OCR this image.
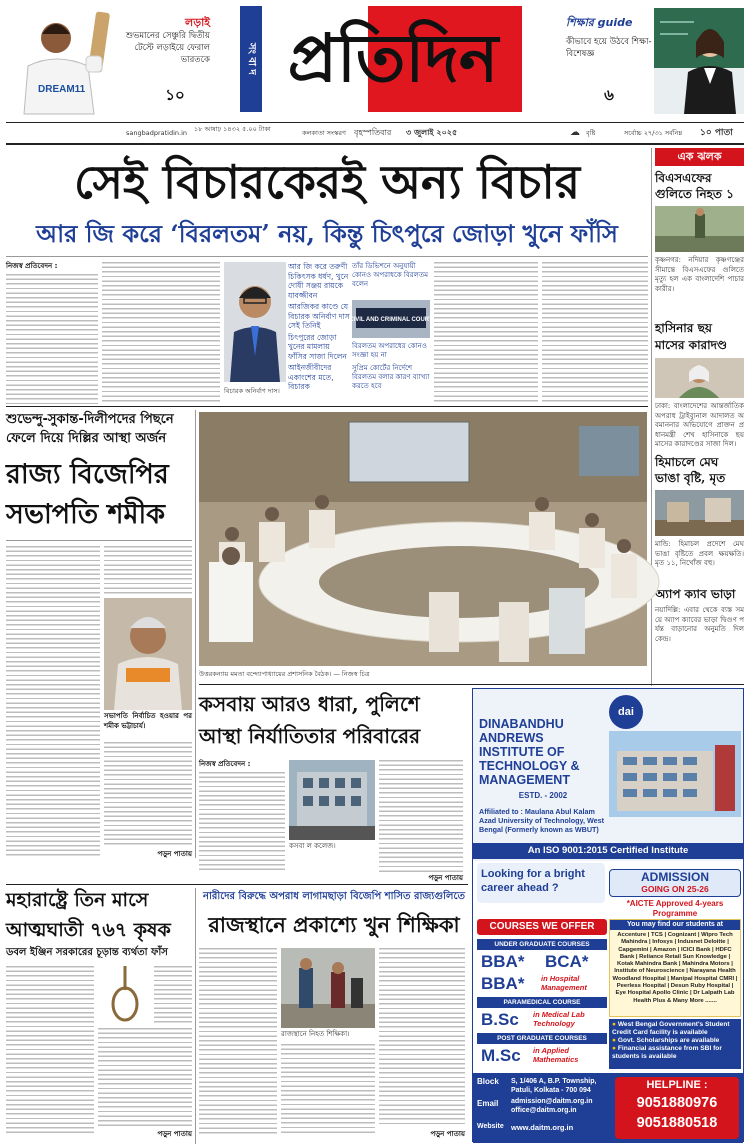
DREAM11
লড়াই
শুভমানের সেঞ্চুরি দ্বিতীয় টেস্টে লড়াইয়ে ফেরাল ভারতকে
১০
সং বা দ প্রতিদিন	শিক্ষার guide
কীভাবে হয়ে উঠবে শিক্ষা-বিশেষজ্ঞ
৬
sangbadpratidin.in ১৮ আষাঢ় ১৪৩২ ৫.০০ টাকা	কলকাতা সংস্করণ	বৃহস্পতিবার	৩ জুলাই ২০২৫	☁ বৃষ্টি	সর্বোচ্চ ২৭/৩১ সর্বনিম্ন	১০ পাতা
সেই বিচারকেরই অন্য বিচার
আর জি করে ‘বিরলতম’ নয়, কিন্তু চিৎপুরে জোড়া খুনে ফাঁসি
নিজস্ব প্রতিবেদন :	আর জি করে তরুণী চিকিৎসক ধর্ষণ, খুনে দোষী সঞ্জয় রায়কে যাবজ্জীবন
আরজিকর কাণ্ডে যে বিচারক অনির্বাণ দাস সেই তিনিই
চিৎপুরের জোড়া খুনের মামলায় ফাঁসির সাজা দিলেন
আইনজীবীদের একাংশের মতে, বিচারক
বিচারক অনির্বাণ দাস।
তাঁর ডিভিশনে অনুযায়ী কোনও অপরাধকে বিরলতম বলেন
CIVIL AND CRIMINAL COURT
বিরলতম অপরাধের কোনও সংজ্ঞা হয় না
সুপ্রিম কোর্টের নির্দেশে বিরলতম বলার কারণ ব্যাখ্যা করতে হবে
এক ঝলক
বিএসএফের গুলিতে নিহত ১
কৃষ্ণনগর: নদিয়ার কৃষ্ণগঞ্জের সীমান্তে বিএসএফের গুলিতে মৃত্যু হল এক বাংলাদেশি পাচারকারীর।
হাসিনার ছয় মাসের কারাদণ্ড
ঢাকা: বাংলাদেশের আন্তর্জাতিক অপরাধ ট্রাইব্যুনাল আদালত অবমাননার অভিযোগে প্রাক্তন প্রধানমন্ত্রী শেখ হাসিনাকে ছয় মাসের কারাদণ্ডের সাজা দিল।
হিমাচলে মেঘ ভাঙা বৃষ্টি, মৃত
মান্ডি: হিমাচল প্রদেশে মেঘ ভাঙা বৃষ্টিতে প্রবল ক্ষয়ক্ষতি। মৃত ১১, নিখোঁজ বহু।
অ্যাপ ক্যাব ভাড়া
নয়াদিল্লি: এবার থেকে ব্যস্ত সময়ে অ্যাপ ক্যাবের ভাড়া দ্বিগুণ পর্যন্ত বাড়ানোর অনুমতি দিল কেন্দ্র।
শুভেন্দু-সুকান্ত-দিলীপদের পিছনে ফেলে দিয়ে দিল্লির আস্থা অর্জন
রাজ্য বিজেপির
সভাপতি শমীক
সভাপতি নির্বাচিত হওয়ার পর শমীক ভট্টাচার্য।
পড়ুন পাতায়
উত্তরকন্যায় মমতা বন্দ্যোপাধ্যায়ের প্রশাসনিক বৈঠক। — নিজস্ব চিত্র
কসবায় আরও ধারা, পুলিশে
আস্থা নির্যাতিতার পরিবারের
নিজস্ব প্রতিবেদন :
কসবা ল কলেজ।
পড়ুন পাতায়
মহারাষ্ট্রে তিন মাসে
আত্মঘাতী ৭৬৭ কৃষক
ডবল ইঞ্জিন সরকারের চূড়ান্ত ব্যর্থতা ফাঁস
পড়ুন পাতায়
নারীদের বিরুদ্ধে অপরাধ লাগামছাড়া বিজেপি শাসিত রাজ্যগুলিতে
রাজস্থানে প্রকাশ্যে খুন শিক্ষিকা
রাজস্থানে নিহত শিক্ষিকা।
পড়ুন পাতায়
DINABANDHU
ANDREWS
INSTITUTE OF
TECHNOLOGY &
MANAGEMENT
ESTD. - 2002
dai
Affiliated to : Maulana Abul Kalam Azad University of Technology, West Bengal (Formerly known as WBUT)
An ISO 9001:2015 Certified Institute
Looking for a bright career ahead ?
ADMISSION
GOING ON 25-26
*AICTE Approved 4-years Programme
COURSES WE OFFER
UNDER GRADUATE COURSES
BBA*	BCA*
BBA*	in Hospital Management
PARAMEDICAL COURSE
B.Sc	in Medical Lab Technology
POST GRADUATE COURSES
M.Sc	in Applied Mathematics
You may find our students at
Accenture | TCS | Cognizant | Wipro Tech Mahindra | Infosys | Indusnet Deloitte | Capgemini | Amazon | ICICI Bank | HDFC Bank | Reliance Retail Sun Knowledge | Kotak Mahindra Bank | Mahindra Motors | Institute of Neuroscience | Narayana Health Woodland Hospital | Manipal Hospital CMRI | Peerless Hospital | Desun Ruby Hospital | Eye Hospital Apollo Clinic | Dr Lalpath Lab Health Plus & Many More .......
● West Bengal Government's Student Credit Card facility is available
● Govt. Scholarships are available
● Financial assistance from SBI for students is available
Block	S, 1/406 A, B.P. Township, Patuli, Kolkata - 700 094
Email	admission@daitm.org.in office@daitm.org.in
Website www.daitm.org.in
HELPLINE :
9051880976
9051880518
